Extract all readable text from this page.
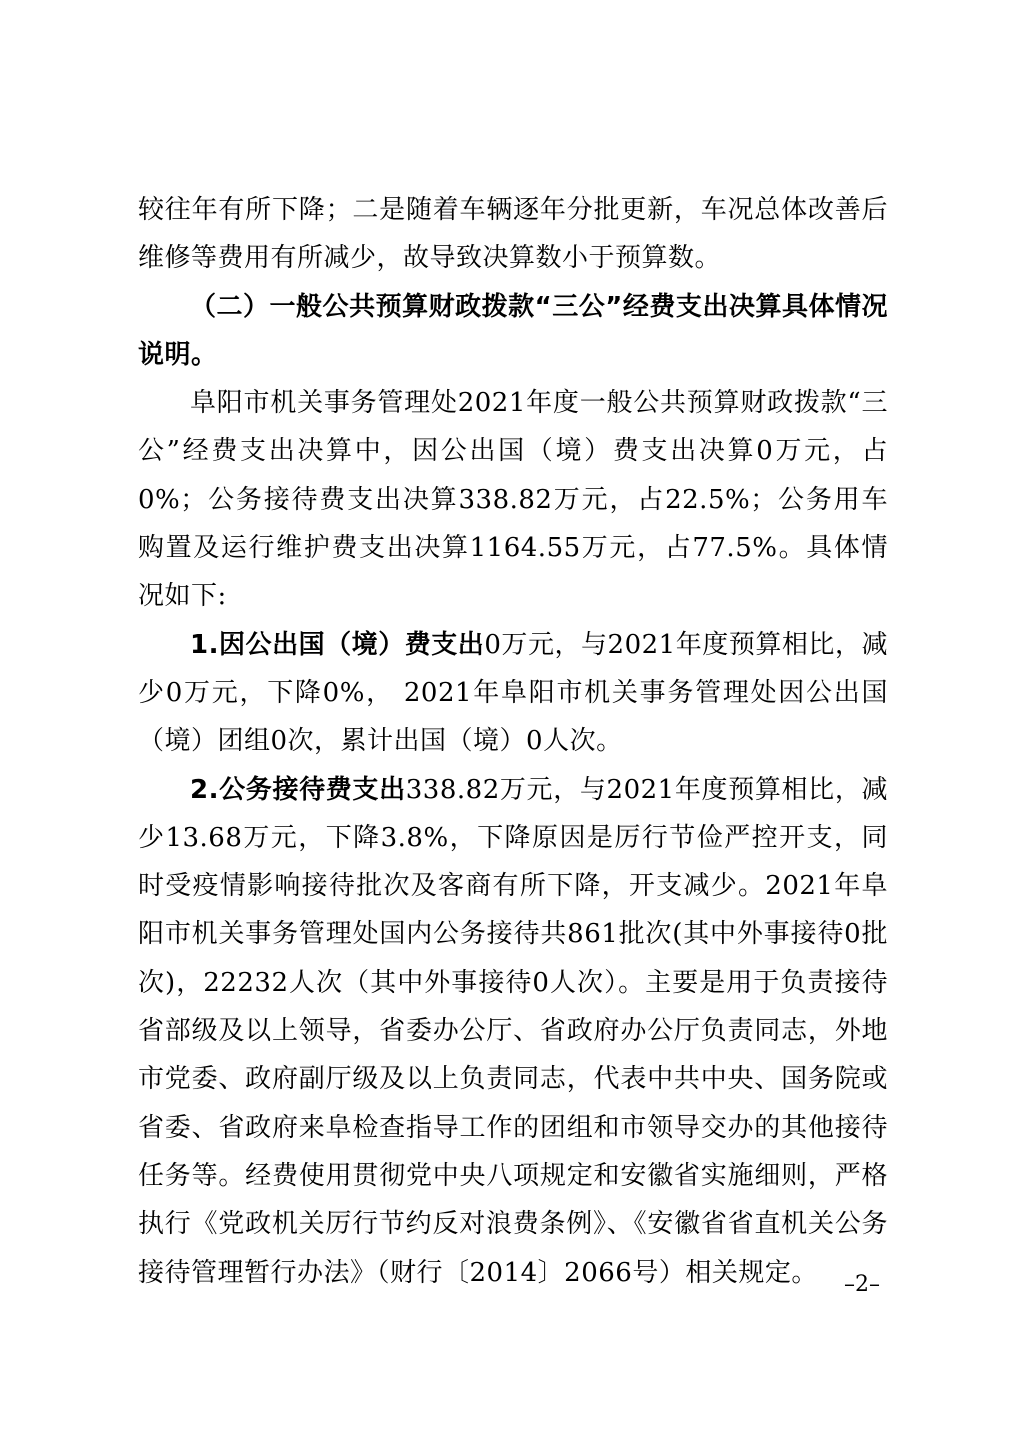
较往年有所下降；二是随着车辆逐年分批更新，车况总体改善后维修等费用有所减少，故导致决算数小于预算数。

（二）一般公共预算财政拨款“三公”经费支出决算具体情况说明。

阜阳市机关事务管理处2021年度一般公共预算财政拨款“三公”经费支出决算中，因公出国（境）费支出决算0万元，占0%；公务接待费支出决算338.82万元，占22.5%；公务用车购置及运行维护费支出决算1164.55万元，占77.5%。具体情况如下:

1.因公出国（境）费支出0万元，与2021年度预算相比，减少0万元，下降0%， 2021年阜阳市机关事务管理处因公出国（境）团组0次，累计出国（境）0人次。

2.公务接待费支出338.82万元，与2021年度预算相比，减少13.68万元，下降3.8%，下降原因是厉行节俭严控开支，同时受疫情影响接待批次及客商有所下降，开支减少。2021年阜阳市机关事务管理处国内公务接待共861批次(其中外事接待0批次)，22232人次（其中外事接待0人次）。主要是用于负责接待省部级及以上领导，省委办公厅、省政府办公厅负责同志，外地市党委、政府副厅级及以上负责同志，代表中共中央、国务院或省委、省政府来阜检查指导工作的团组和市领导交办的其他接待任务等。经费使用贯彻党中央八项规定和安徽省实施细则，严格执行《党政机关厉行节约反对浪费条例》、《安徽省省直机关公务接待管理暂行办法》（财行〔2014〕2066号）相关规定。	–2–
